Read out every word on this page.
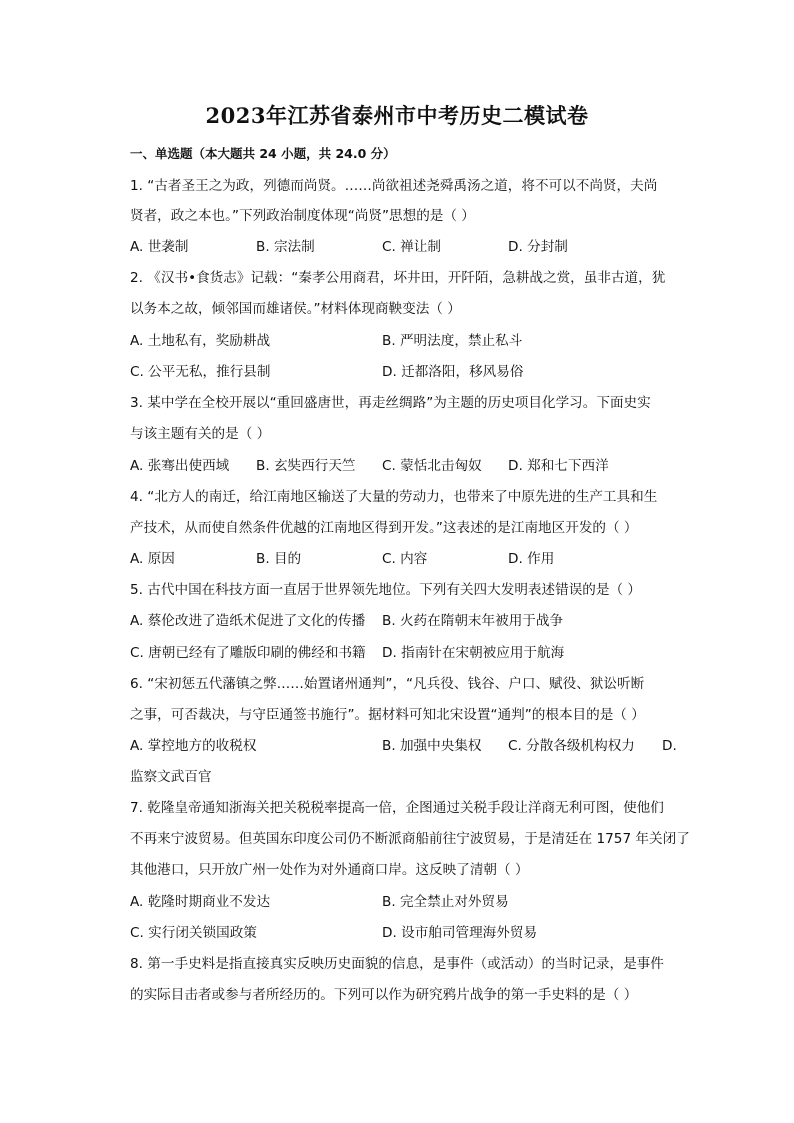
2023年江苏省泰州市中考历史二模试卷
一、单选题（本大题共 24 小题，共 24.0 分）
1. “古者圣王之为政，列德而尚贤。……尚欲祖述尧舜禹汤之道，将不可以不尚贤，夫尚
贤者，政之本也。”下列政治制度体现“尚贤”思想的是（ ）
A. 世袭制	B. 宗法制	C. 禅让制	D. 分封制
2. 《汉书•食货志》记载：“秦孝公用商君，坏井田，开阡陌，急耕战之赏，虽非古道，犹
以务本之故，倾邻国而雄诸侯。”材料体现商鞅变法（ ）
A. 土地私有，奖励耕战	B. 严明法度，禁止私斗
C. 公平无私，推行县制	D. 迁都洛阳，移风易俗
3. 某中学在全校开展以“重回盛唐世，再走丝绸路”为主题的历史项目化学习。下面史实
与该主题有关的是（ ）
A. 张骞出使西域 B. 玄奘西行天竺 C. 蒙恬北击匈奴 D. 郑和七下西洋
4. “北方人的南迁，给江南地区输送了大量的劳动力，也带来了中原先进的生产工具和生
产技术，从而使自然条件优越的江南地区得到开发。”这表述的是江南地区开发的（ ）
A. 原因	B. 目的	C. 内容	D. 作用
5. 古代中国在科技方面一直居于世界领先地位。下列有关四大发明表述错误的是（ ）
A. 蔡伦改进了造纸术促进了文化的传播 B. 火药在隋朝末年被用于战争
C. 唐朝已经有了雕版印刷的佛经和书籍 D. 指南针在宋朝被应用于航海
6. “宋初惩五代藩镇之弊……始置诸州通判”，“凡兵役、钱谷、户口、赋役、狱讼听断
之事，可否裁决，与守臣通签书施行”。据材料可知北宋设置“通判”的根本目的是（ ）
A. 掌控地方的收税权	B. 加强中央集权 C. 分散各级机构权力 D.
监察文武百官
7. 乾隆皇帝通知浙海关把关税税率提高一倍，企图通过关税手段让洋商无利可图，使他们
不再来宁波贸易。但英国东印度公司仍不断派商船前往宁波贸易，于是清廷在 1757 年关闭了
其他港口，只开放广州一处作为对外通商口岸。这反映了清朝（ ）
A. 乾隆时期商业不发达	B. 完全禁止对外贸易
C. 实行闭关锁国政策	D. 设市舶司管理海外贸易
8. 第一手史料是指直接真实反映历史面貌的信息，是事件（或活动）的当时记录，是事件
的实际目击者或参与者所经历的。下列可以作为研究鸦片战争的第一手史料的是（ ）
